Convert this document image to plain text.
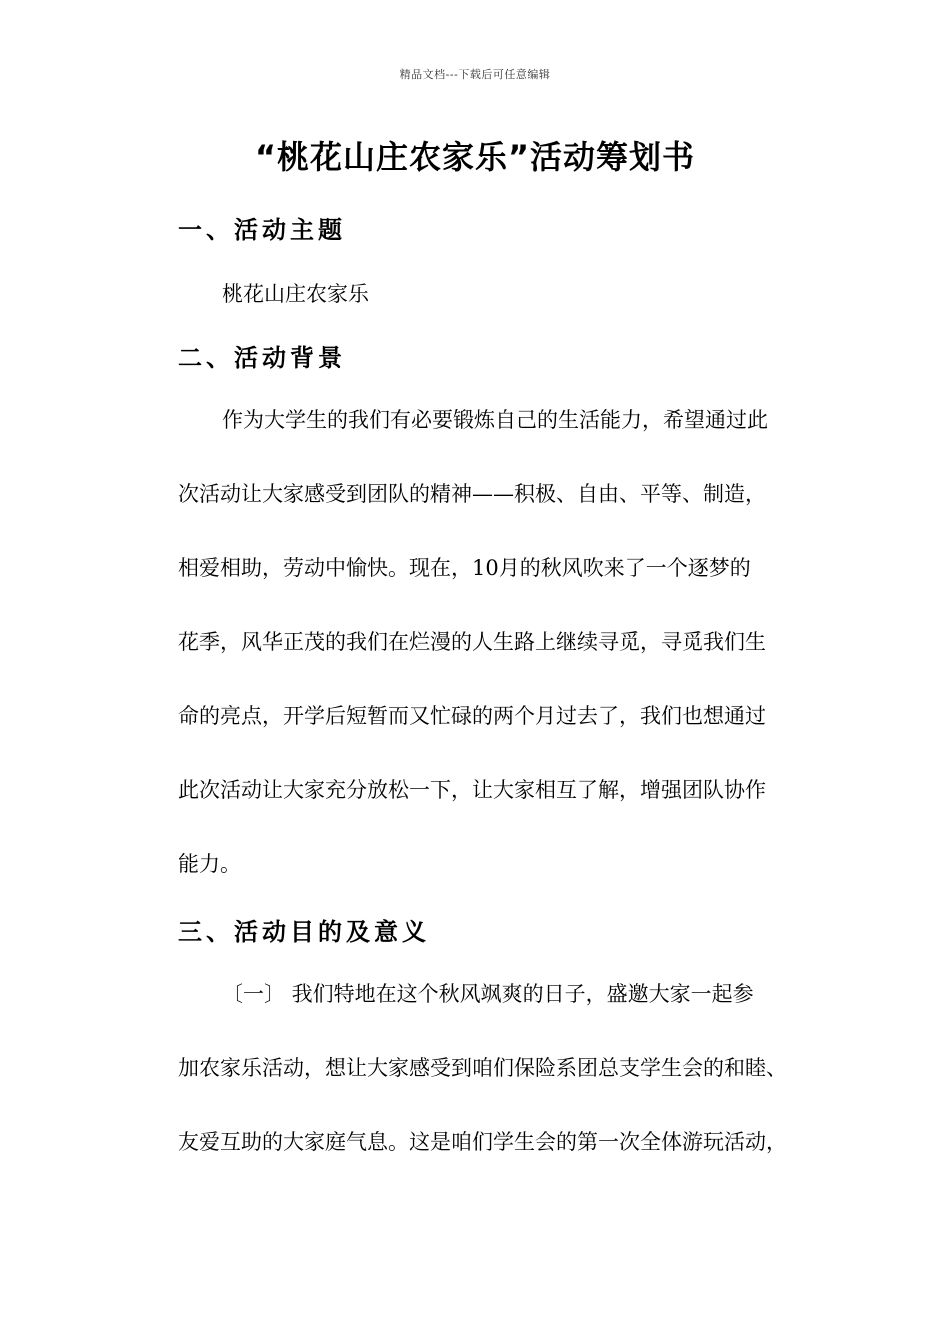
精品文档---下载后可任意编辑
“桃花山庄农家乐”活动筹划书
一、活动主题

桃花山庄农家乐

二、活动背景

作为大学生的我们有必要锻炼自己的生活能力，希望通过此

次活动让大家感受到团队的精神——积极、自由、平等、制造，

相爱相助，劳动中愉快。现在，10月的秋风吹来了一个逐梦的

花季，风华正茂的我们在烂漫的人生路上继续寻觅，寻觅我们生

命的亮点，开学后短暂而又忙碌的两个月过去了，我们也想通过

此次活动让大家充分放松一下，让大家相互了解，增强团队协作

能力。

三、活动目的及意义

〔一〕 我们特地在这个秋风飒爽的日子，盛邀大家一起参

加农家乐活动，想让大家感受到咱们保险系团总支学生会的和睦、

友爱互助的大家庭气息。这是咱们学生会的第一次全体游玩活动，
